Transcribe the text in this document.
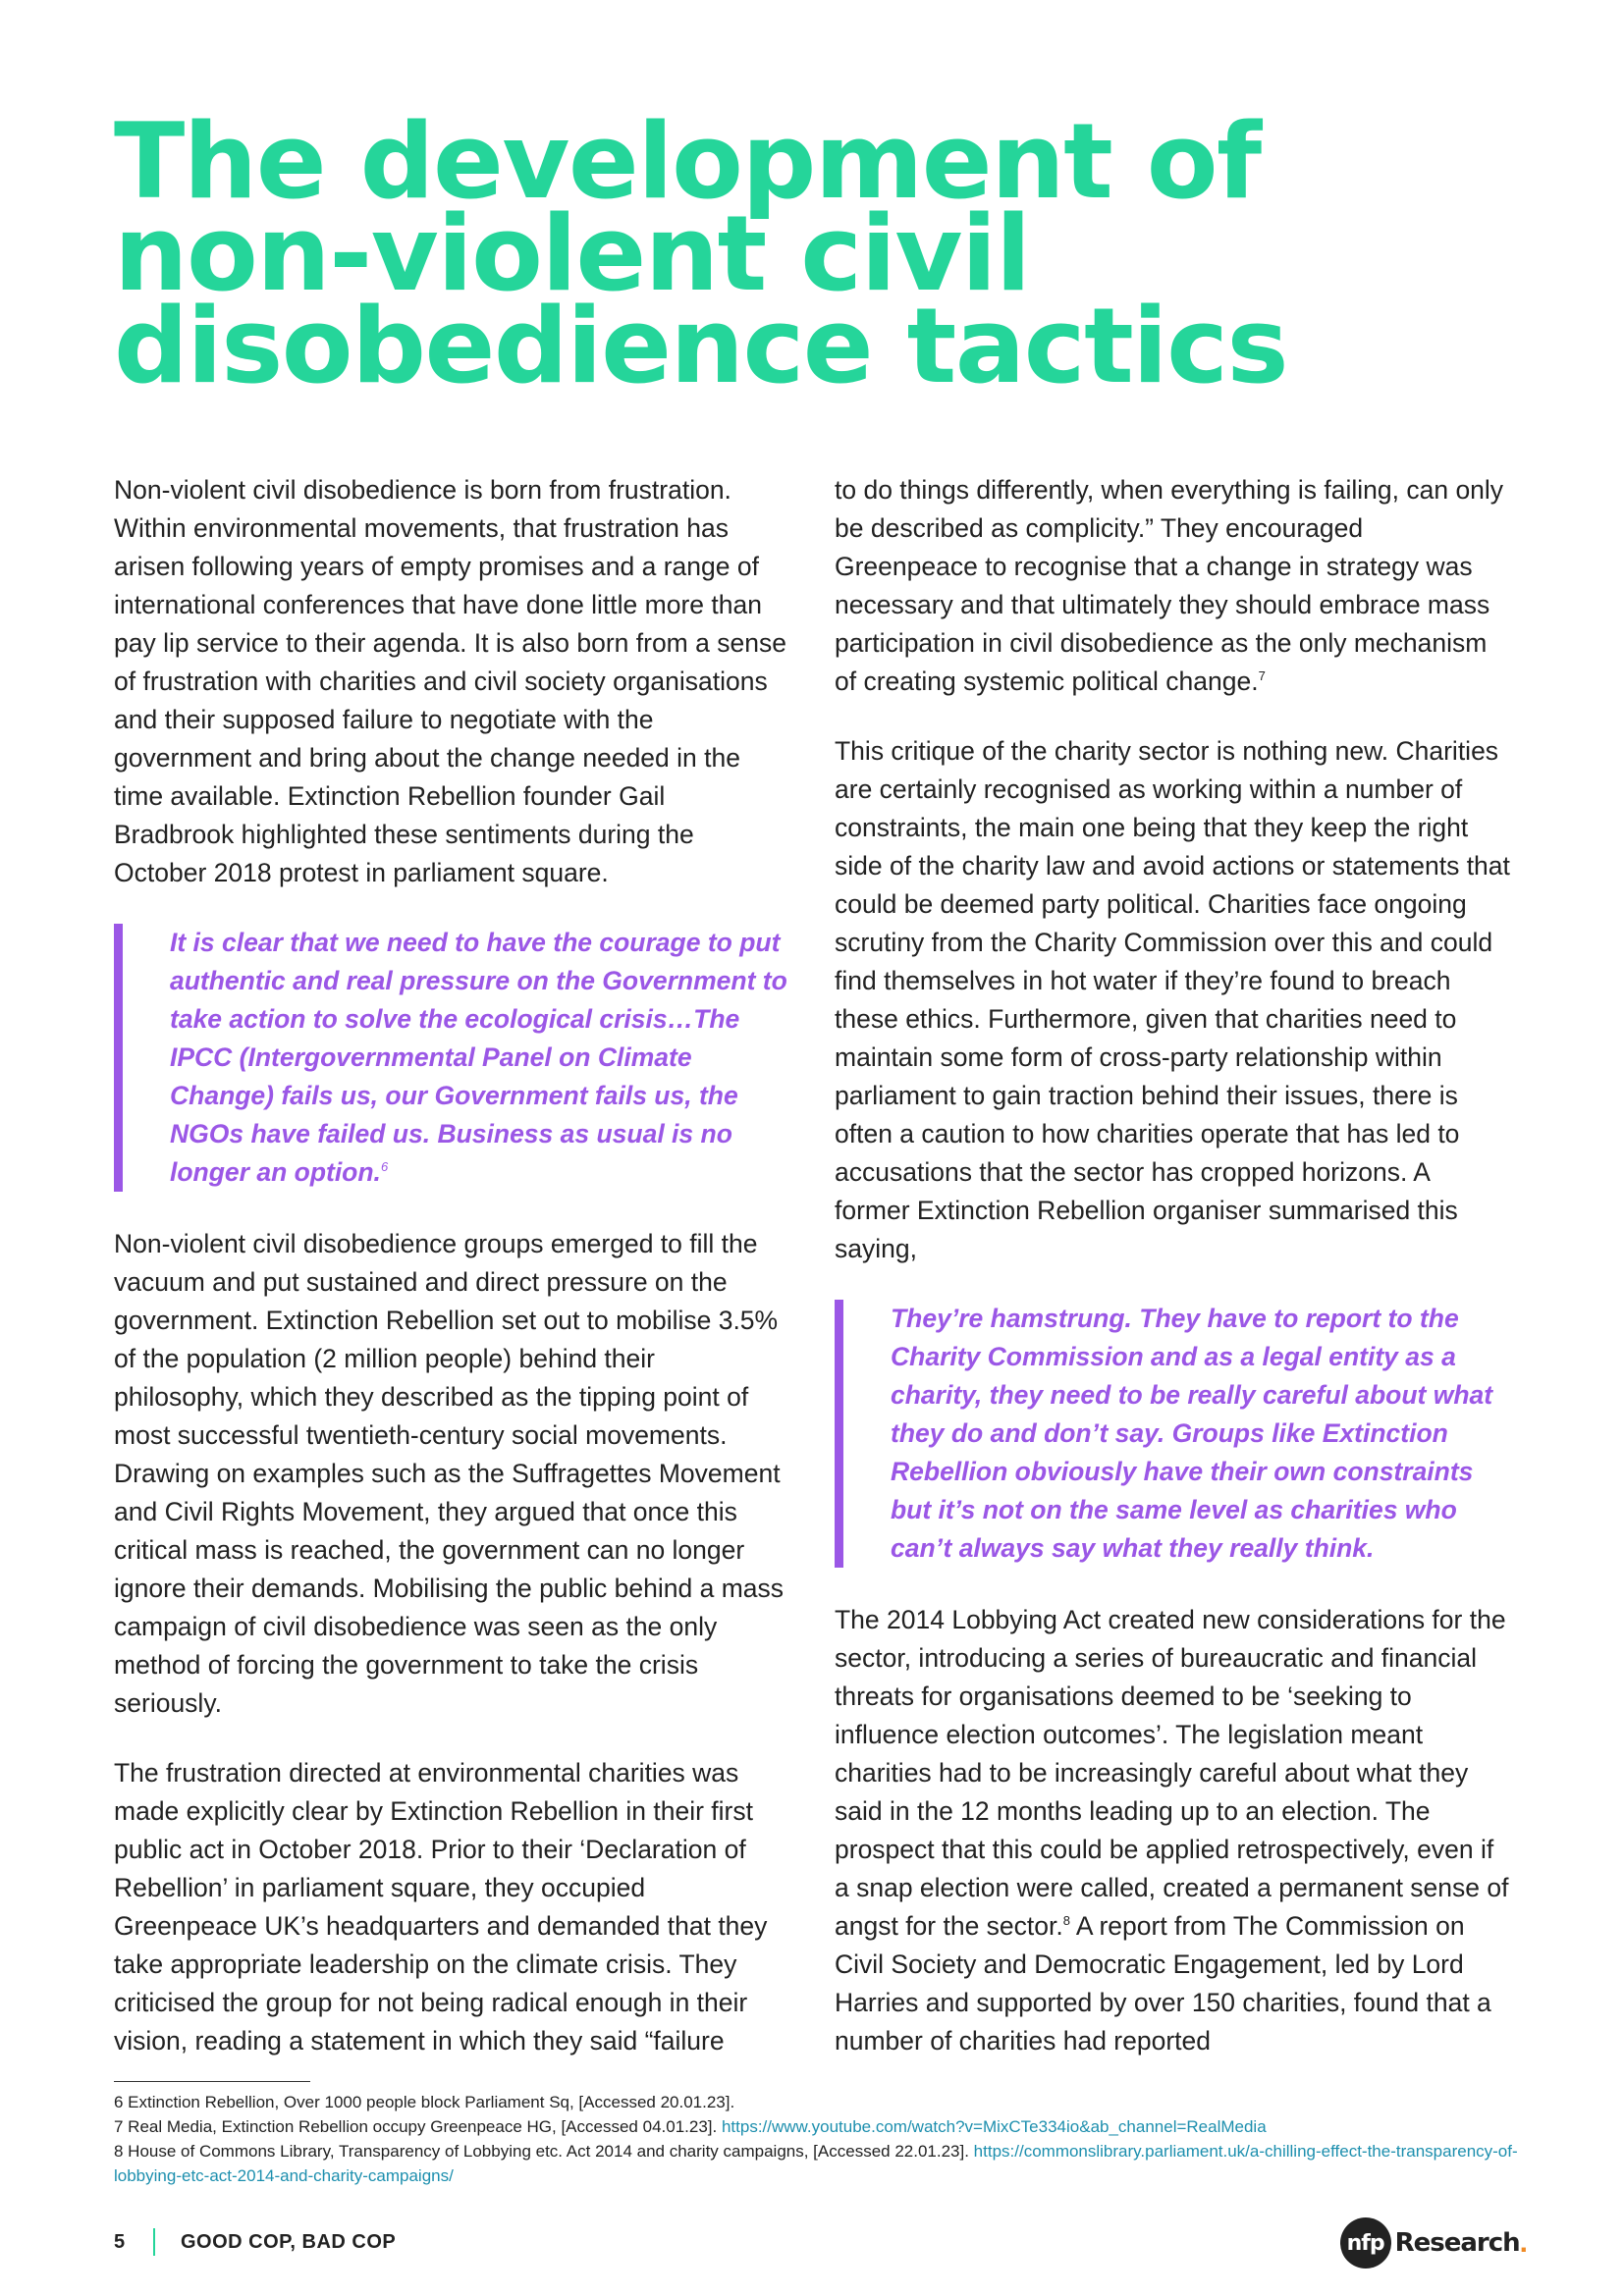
The development of non-violent civil disobedience tactics

Non-violent civil disobedience is born from frustration. Within environmental movements, that frustration has arisen following years of empty promises and a range of international conferences that have done little more than pay lip service to their agenda. It is also born from a sense of frustration with charities and civil society organisations and their supposed failure to negotiate with the government and bring about the change needed in the time available. Extinction Rebellion founder Gail Bradbrook highlighted these sentiments during the October 2018 protest in parliament square.

It is clear that we need to have the courage to put authentic and real pressure on the Government to take action to solve the ecological crisis…The IPCC (Intergovernmental Panel on Climate Change) fails us, our Government fails us, the NGOs have failed us. Business as usual is no longer an option.$^6$

Non-violent civil disobedience groups emerged to fill the vacuum and put sustained and direct pressure on the government. Extinction Rebellion set out to mobilise 3.5% of the population (2 million people) behind their philosophy, which they described as the tipping point of most successful twentieth-century social movements. Drawing on examples such as the Suffragettes Movement and Civil Rights Movement, they argued that once this critical mass is reached, the government can no longer ignore their demands. Mobilising the public behind a mass campaign of civil disobedience was seen as the only method of forcing the government to take the crisis seriously.

The frustration directed at environmental charities was made explicitly clear by Extinction Rebellion in their first public act in October 2018. Prior to their ‘Declaration of Rebellion’ in parliament square, they occupied Greenpeace UK’s headquarters and demanded that they take appropriate leadership on the climate crisis. They criticised the group for not being radical enough in their vision, reading a statement in which they said “failure

to do things differently, when everything is failing, can only be described as complicity.” They encouraged Greenpeace to recognise that a change in strategy was necessary and that ultimately they should embrace mass participation in civil disobedience as the only mechanism of creating systemic political change.$^7$

This critique of the charity sector is nothing new. Charities are certainly recognised as working within a number of constraints, the main one being that they keep the right side of the charity law and avoid actions or statements that could be deemed party political. Charities face ongoing scrutiny from the Charity Commission over this and could find themselves in hot water if they’re found to breach these ethics. Furthermore, given that charities need to maintain some form of cross-party relationship within parliament to gain traction behind their issues, there is often a caution to how charities operate that has led to accusations that the sector has cropped horizons. A former Extinction Rebellion organiser summarised this saying,

They’re hamstrung. They have to report to the Charity Commission and as a legal entity as a charity, they need to be really careful about what they do and don’t say. Groups like Extinction Rebellion obviously have their own constraints but it’s not on the same level as charities who can’t always say what they really think.

The 2014 Lobbying Act created new considerations for the sector, introducing a series of bureaucratic and financial threats for organisations deemed to be ‘seeking to influence election outcomes’. The legislation meant charities had to be increasingly careful about what they said in the 12 months leading up to an election. The prospect that this could be applied retrospectively, even if a snap election were called, created a permanent sense of angst for the sector.$^8$ A report from The Commission on Civil Society and Democratic Engagement, led by Lord Harries and supported by over 150 charities, found that a number of charities had reported

6 Extinction Rebellion, Over 1000 people block Parliament Sq, [Accessed 20.01.23].

7 Real Media, Extinction Rebellion occupy Greenpeace HG, [Accessed 04.01.23]. https://www.youtube.com/watch?v=MixCTe334io&ab_channel=RealMedia

8 House of Commons Library, Transparency of Lobbying etc. Act 2014 and charity campaigns, [Accessed 22.01.23]. https://commonslibrary.parliament.uk/a-chilling-effect-the-transparency-of-lobbying-etc-act-2014-and-charity-campaigns/

5	GOOD COP, BAD COP	nfp Research .
